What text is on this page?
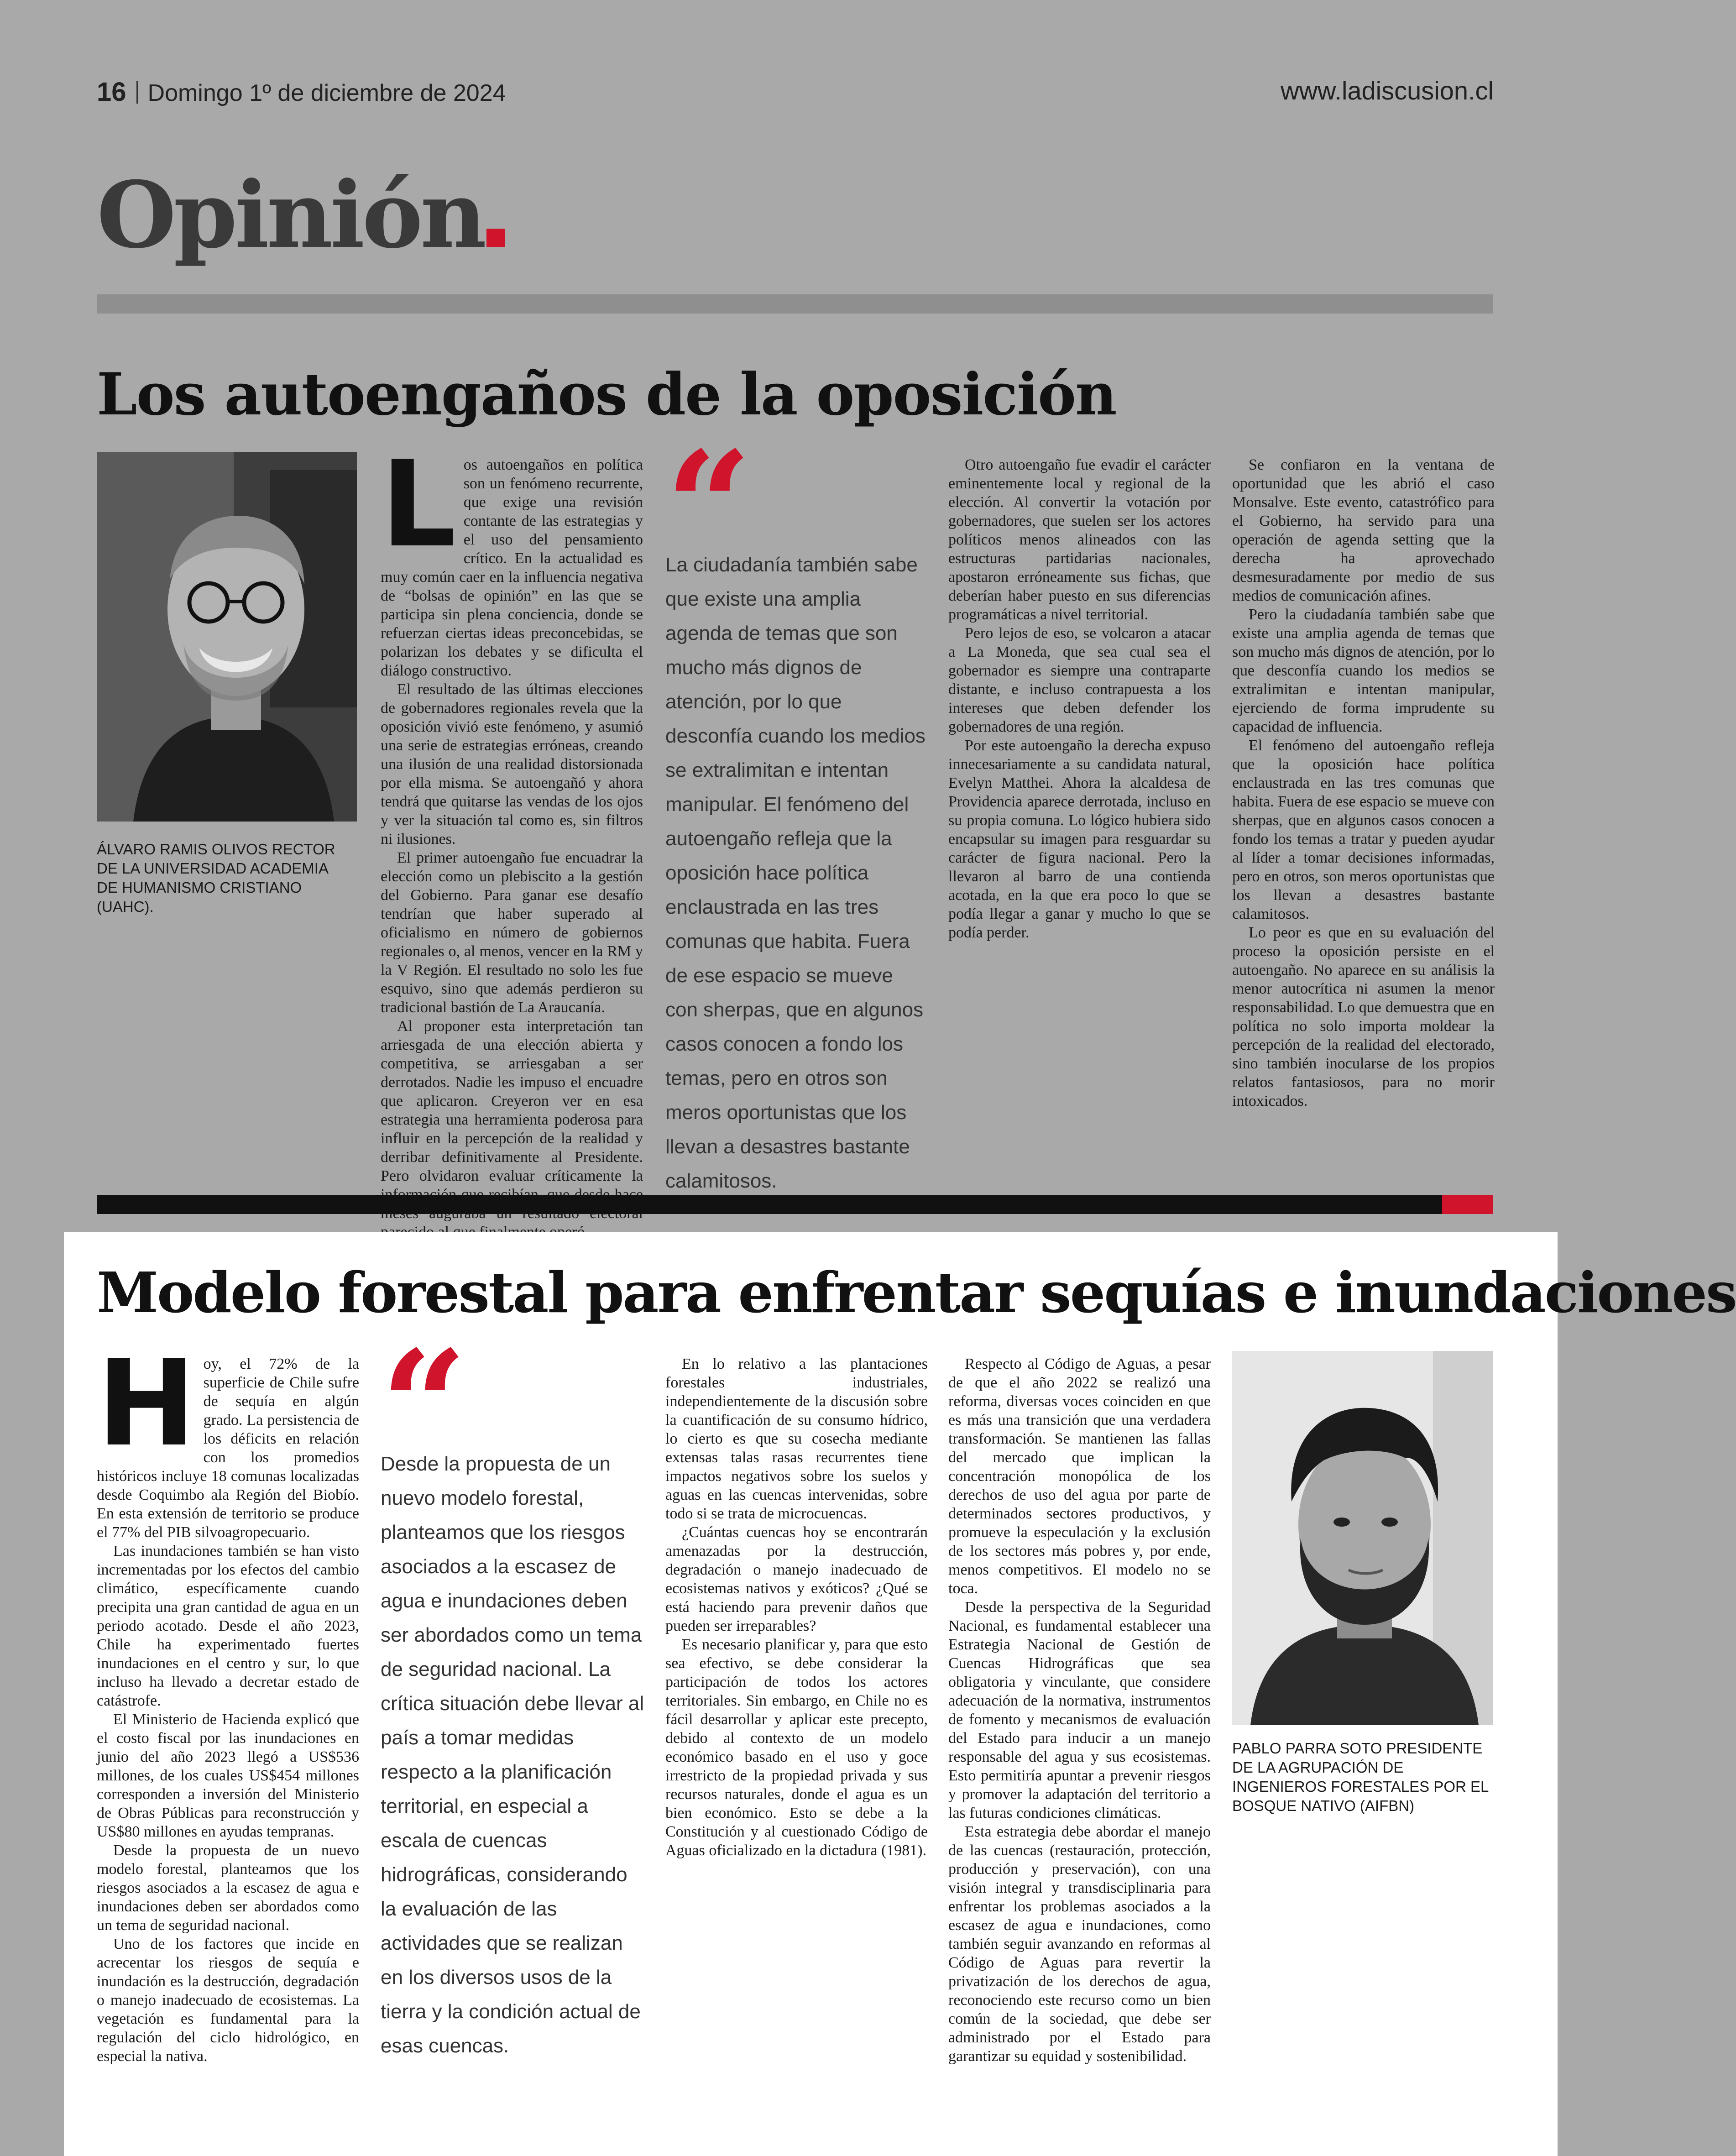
16 Domingo 1º de diciembre de 2024	www.ladiscusion.cl
Opinión
Los autoengaños de la oposición

ÁLVARO RAMIS OLIVOS RECTOR DE LA UNIVERSIDAD ACADEMIA DE HUMANISMO CRISTIANO (UAHC).

Los autoengaños en política son un fenómeno recurrente, que exige una revisión contante de las estrategias y el uso del pensamiento crítico. En la actualidad es muy común caer en la influencia negativa de “bolsas de opinión” en las que se participa sin plena conciencia, donde se refuerzan ciertas ideas preconcebidas, se polarizan los debates y se dificulta el diálogo constructivo.

El resultado de las últimas elecciones de gobernadores regionales revela que la oposición vivió este fenómeno, y asumió una serie de estrategias erróneas, creando una ilusión de una realidad distorsionada por ella misma. Se autoengañó y ahora tendrá que quitarse las vendas de los ojos y ver la situación tal como es, sin filtros ni ilusiones.

El primer autoengaño fue encuadrar la elección como un plebiscito a la gestión del Gobierno. Para ganar ese desafío tendrían que haber superado al oficialismo en número de gobiernos regionales o, al menos, vencer en la RM y la V Región. El resultado no solo les fue esquivo, sino que además perdieron su tradicional bastión de La Araucanía.

Al proponer esta interpretación tan arriesgada de una elección abierta y competitiva, se arriesgaban a ser derrotados. Nadie les impuso el encuadre que aplicaron. Creyeron ver en esa estrategia una herramienta poderosa para influir en la percepción de la realidad y derribar definitivamente al Presidente. Pero olvidaron evaluar críticamente la

“

La ciudadanía también sabe que existe una amplia agenda de temas que son mucho más dignos de atención, por lo que desconfía cuando los medios se extralimitan e intentan manipular. El fenómeno del autoengaño refleja que la oposición hace política enclaustrada en las tres comunas que habita. Fuera de ese espacio se mueve con sherpas, que en algunos casos conocen a fondo los temas, pero en otros son meros oportunistas que los llevan a desastres bastante calamitosos.

Otro autoengaño fue evadir el carácter eminentemente local y regional de la elección. Al convertir la votación por gobernadores, que suelen ser los actores políticos menos alineados con las estructuras partidarias nacionales, apostaron erróneamente sus fichas, que deberían haber puesto en sus diferencias programáticas a nivel territorial.

Pero lejos de eso, se volcaron a atacar a La Moneda, que sea cual sea el gobernador es siempre una contraparte distante, e incluso contrapuesta a los intereses que deben defender los gobernadores de una región.

Por este autoengaño la derecha expuso innecesariamente a su candidata natural, Evelyn Matthei. Ahora la alcaldesa de Providencia aparece derrotada, incluso en su propia comuna. Lo lógico hubiera sido encapsular su imagen para resguardar su carácter de figura nacional. Pero la llevaron al barro de una contienda acotada, en la que era poco lo que se podía llegar a ganar y mucho lo que se podía perder.

Se confiaron en la ventana de oportunidad que les abrió el caso Monsalve. Este evento, catastrófico para el Gobierno, ha servido para una operación de agenda setting que la derecha ha aprovechado desmesuradamente por medio de sus medios de comunicación afines.

Pero la ciudadanía también sabe que existe una amplia agenda de temas que son mucho más dignos de atención, por lo que desconfía cuando los medios se extralimitan e intentan manipular, ejerciendo de forma imprudente su capacidad de influencia.

El fenómeno del autoengaño refleja que la oposición hace política enclaustrada en las tres comunas que habita. Fuera de ese espacio se mueve con sherpas, que en algunos casos conocen a fondo los temas a tratar y pueden ayudar al líder a tomar decisiones informadas, pero en otros, son meros oportunistas que los llevan a desastres bastante calamitosos.

Lo peor es que en su evaluación del proceso la oposición persiste en el autoengaño. No aparece en su análisis la menor autocrítica ni asumen la menor responsabilidad. Lo que demuestra que en política no solo importa moldear la percepción de la realidad del electorado, sino también inocularse de los propios relatos fantasiosos, para no morir intoxicados.

Modelo forestal para enfrentar sequías e inundaciones

Hoy, el 72% de la superficie de Chile sufre de sequía en algún grado. La persistencia de los déficits en relación con los promedios históricos incluye 18 comunas localizadas desde Coquimbo ala Región del Biobío. En esta extensión de territorio se produce el 77% del PIB silvoagropecuario.

Las inundaciones también se han visto incrementadas por los efectos del cambio climático, específicamente cuando precipita una gran cantidad de agua en un periodo acotado. Desde el año 2023, Chile ha experimentado fuertes inundaciones en el centro y sur, lo que incluso ha llevado a decretar estado de catástrofe.

El Ministerio de Hacienda explicó que el costo fiscal por las inundaciones en junio del año 2023 llegó a US$536 millones, de los cuales US$454 millones corresponden a inversión del Ministerio de Obras Públicas para reconstrucción y US$80 millones en ayudas tempranas.

Desde la propuesta de un nuevo modelo forestal, planteamos que los riesgos asociados a la escasez de agua e inundaciones deben ser abordados como un tema de seguridad nacional.

Uno de los factores que incide en acrecentar los riesgos de sequía e inundación es la destrucción, degradación o manejo inadecuado de ecosistemas. La vegetación es fundamental para la regulación del ciclo hidrológico, en especial la nativa.

“

Desde la propuesta de un nuevo modelo forestal, planteamos que los riesgos asociados a la escasez de agua e inundaciones deben ser abordados como un tema de seguridad nacional. La crítica situación debe llevar al país a tomar medidas respecto a la planificación territorial, en especial a escala de cuencas hidrográficas, considerando la evaluación de las actividades que se realizan en los diversos usos de la tierra y la condición actual de esas cuencas.

En lo relativo a las plantaciones forestales industriales, independientemente de la discusión sobre la cuantificación de su consumo hídrico, lo cierto es que su cosecha mediante extensas talas rasas recurrentes tiene impactos negativos sobre los suelos y aguas en las cuencas intervenidas, sobre todo si se trata de microcuencas.

¿Cuántas cuencas hoy se encontrarán amenazadas por la destrucción, degradación o manejo inadecuado de ecosistemas nativos y exóticos? ¿Qué se está haciendo para prevenir daños que pueden ser irreparables?

Es necesario planificar y, para que esto sea efectivo, se debe considerar la participación de todos los actores territoriales. Sin embargo, en Chile no es fácil desarrollar y aplicar este precepto, debido al contexto de un modelo económico basado en el uso y goce irrestricto de la propiedad privada y sus recursos naturales, donde el agua es un bien económico. Esto se debe a la Constitución y al cuestionado Código de Aguas oficializado en la dictadura (1981).

Respecto al Código de Aguas, a pesar de que el año 2022 se realizó una reforma, diversas voces coinciden en que es más una transición que una verdadera transformación. Se mantienen las fallas del mercado que implican la concentración monopólica de los derechos de uso del agua por parte de determinados sectores productivos, y promueve la especulación y la exclusión de los sectores más pobres y, por ende, menos competitivos. El modelo no se toca.

Desde la perspectiva de la Seguridad Nacional, es fundamental establecer una Estrategia Nacional de Gestión de Cuencas Hidrográficas que sea obligatoria y vinculante, que considere adecuación de la normativa, instrumentos de fomento y mecanismos de evaluación del Estado para inducir a un manejo responsable del agua y sus ecosistemas. Esto permitiría apuntar a prevenir riesgos y promover la adaptación del territorio a las futuras condiciones climáticas.

Esta estrategia debe abordar el manejo de las cuencas (restauración, protección, producción y preservación), con una visión integral y transdisciplinaria para enfrentar los problemas asociados a la escasez de agua e inundaciones, como también seguir avanzando en reformas al Código de Aguas para revertir la privatización de los derechos de agua, reconociendo este recurso como un bien común de la sociedad, que debe ser administrado por el Estado para garantizar su equidad y sostenibilidad.

PABLO PARRA SOTO PRESIDENTE DE LA AGRUPACIÓN DE INGENIEROS FORESTALES POR EL BOSQUE NATIVO (AIFBN)
